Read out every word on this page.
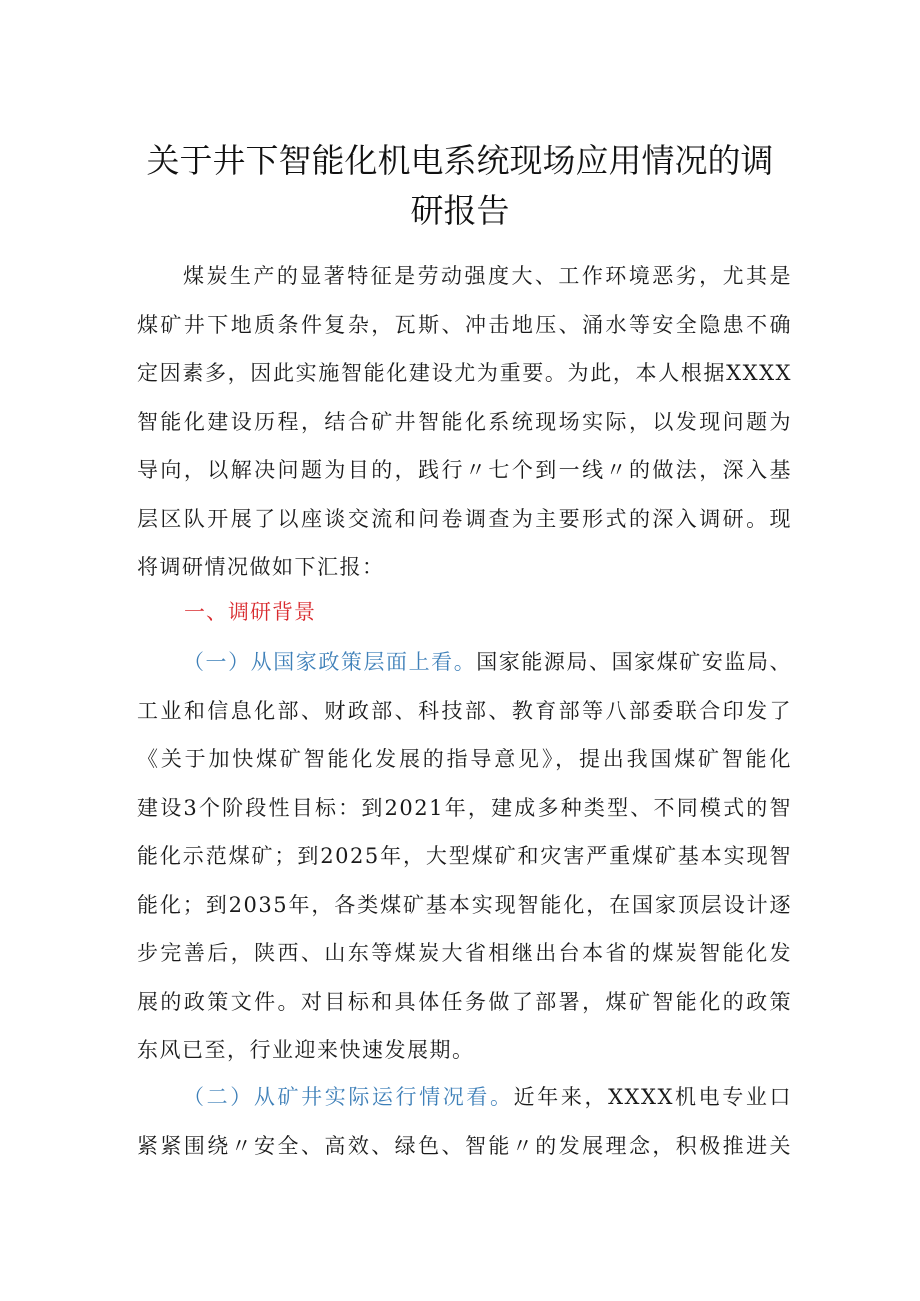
关于井下智能化机电系统现场应用情况的调
研报告
煤炭生产的显著特征是劳动强度大、工作环境恶劣，尤其是
煤矿井下地质条件复杂，瓦斯、冲击地压、涌水等安全隐患不确
定因素多，因此实施智能化建设尤为重要。为此，本人根据XXXX
智能化建设历程，结合矿井智能化系统现场实际，以发现问题为
导向，以解决问题为目的，践行〃七个到一线〃的做法，深入基
层区队开展了以座谈交流和问卷调查为主要形式的深入调研。现
将调研情况做如下汇报：
一、调研背景
（一）从国家政策层面上看。国家能源局、国家煤矿安监局、
工业和信息化部、财政部、科技部、教育部等八部委联合印发了
《关于加快煤矿智能化发展的指导意见》，提出我国煤矿智能化
建设3个阶段性目标：到2021年，建成多种类型、不同模式的智
能化示范煤矿；到2025年，大型煤矿和灾害严重煤矿基本实现智
能化；到2035年，各类煤矿基本实现智能化，在国家顶层设计逐
步完善后，陕西、山东等煤炭大省相继出台本省的煤炭智能化发
展的政策文件。对目标和具体任务做了部署，煤矿智能化的政策
东风已至，行业迎来快速发展期。
（二）从矿井实际运行情况看。近年来，XXXX机电专业口
紧紧围绕〃安全、高效、绿色、智能〃的发展理念，积极推进关
